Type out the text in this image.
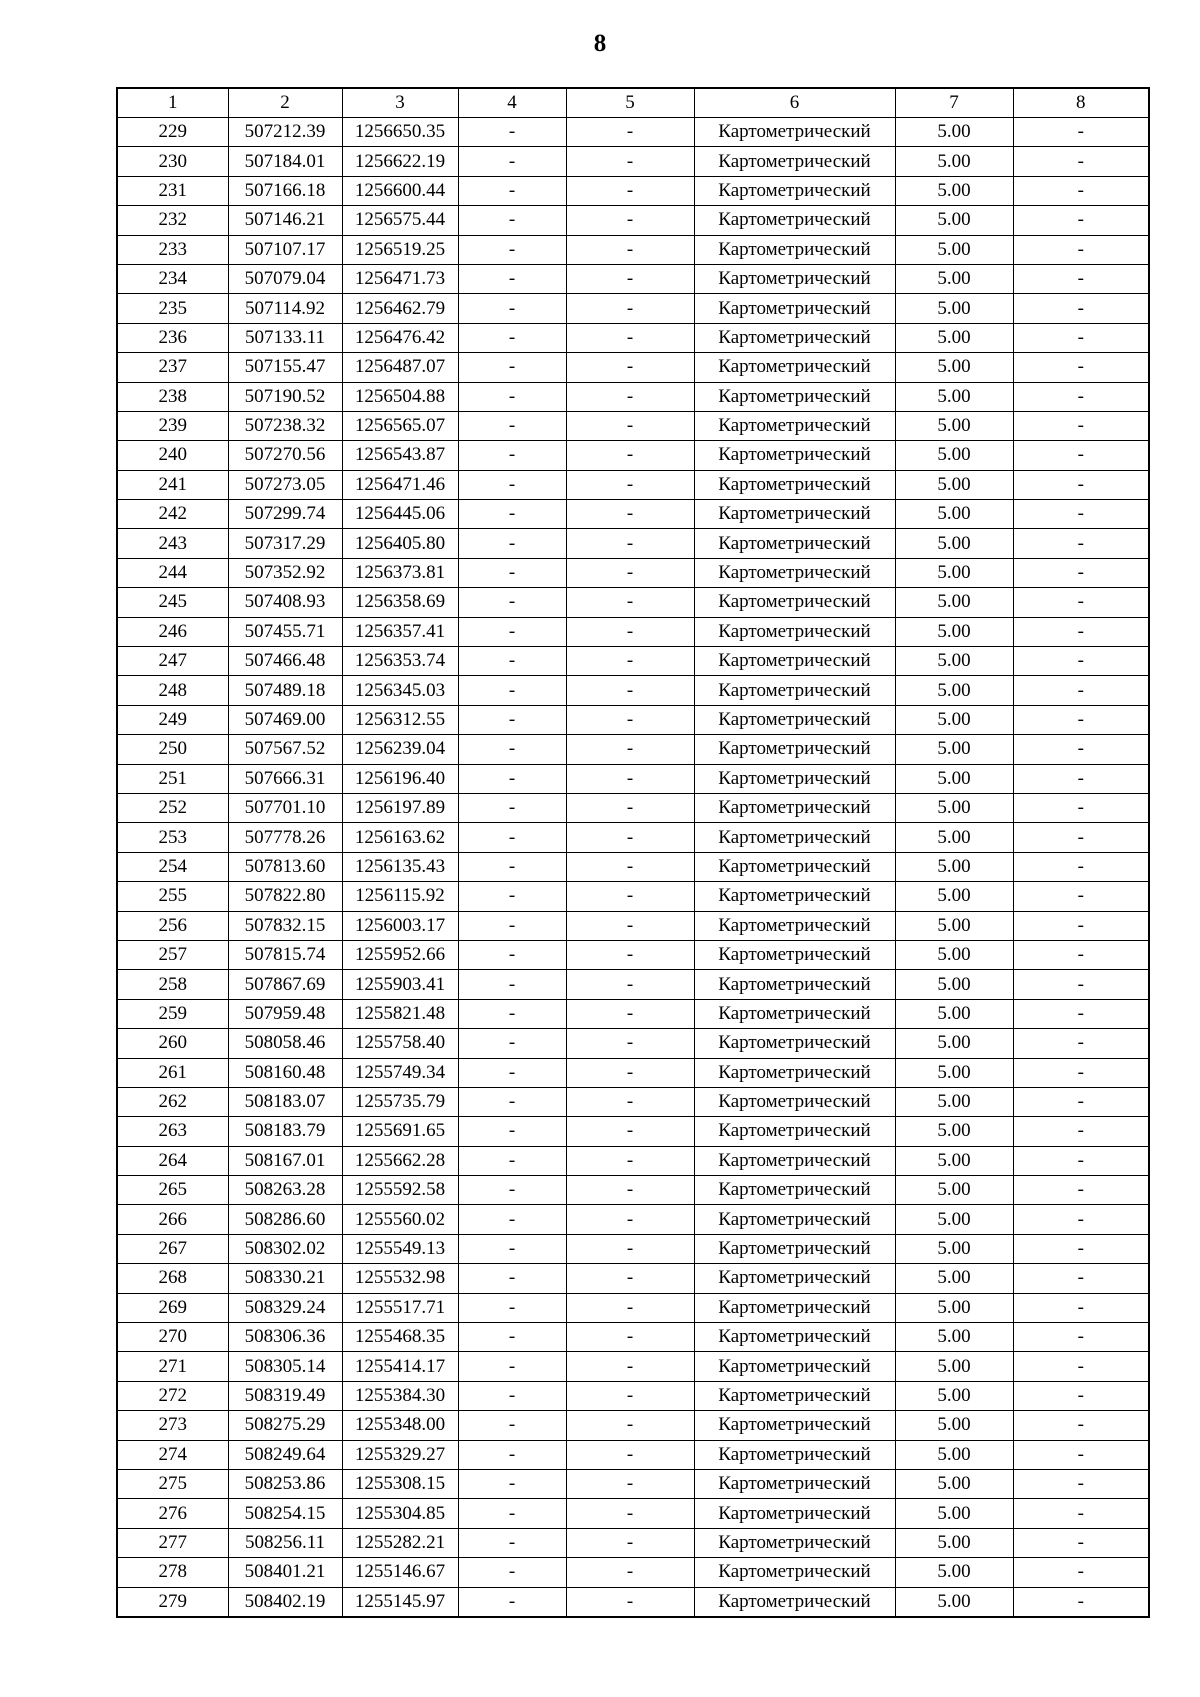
8
1	2	3	4	5	6	7	8
229	507212.39	1256650.35	-	-	Картометрический	5.00	-
230	507184.01	1256622.19	-	-	Картометрический	5.00	-
231	507166.18	1256600.44	-	-	Картометрический	5.00	-
232	507146.21	1256575.44	-	-	Картометрический	5.00	-
233	507107.17	1256519.25	-	-	Картометрический	5.00	-
234	507079.04	1256471.73	-	-	Картометрический	5.00	-
235	507114.92	1256462.79	-	-	Картометрический	5.00	-
236	507133.11	1256476.42	-	-	Картометрический	5.00	-
237	507155.47	1256487.07	-	-	Картометрический	5.00	-
238	507190.52	1256504.88	-	-	Картометрический	5.00	-
239	507238.32	1256565.07	-	-	Картометрический	5.00	-
240	507270.56	1256543.87	-	-	Картометрический	5.00	-
241	507273.05	1256471.46	-	-	Картометрический	5.00	-
242	507299.74	1256445.06	-	-	Картометрический	5.00	-
243	507317.29	1256405.80	-	-	Картометрический	5.00	-
244	507352.92	1256373.81	-	-	Картометрический	5.00	-
245	507408.93	1256358.69	-	-	Картометрический	5.00	-
246	507455.71	1256357.41	-	-	Картометрический	5.00	-
247	507466.48	1256353.74	-	-	Картометрический	5.00	-
248	507489.18	1256345.03	-	-	Картометрический	5.00	-
249	507469.00	1256312.55	-	-	Картометрический	5.00	-
250	507567.52	1256239.04	-	-	Картометрический	5.00	-
251	507666.31	1256196.40	-	-	Картометрический	5.00	-
252	507701.10	1256197.89	-	-	Картометрический	5.00	-
253	507778.26	1256163.62	-	-	Картометрический	5.00	-
254	507813.60	1256135.43	-	-	Картометрический	5.00	-
255	507822.80	1256115.92	-	-	Картометрический	5.00	-
256	507832.15	1256003.17	-	-	Картометрический	5.00	-
257	507815.74	1255952.66	-	-	Картометрический	5.00	-
258	507867.69	1255903.41	-	-	Картометрический	5.00	-
259	507959.48	1255821.48	-	-	Картометрический	5.00	-
260	508058.46	1255758.40	-	-	Картометрический	5.00	-
261	508160.48	1255749.34	-	-	Картометрический	5.00	-
262	508183.07	1255735.79	-	-	Картометрический	5.00	-
263	508183.79	1255691.65	-	-	Картометрический	5.00	-
264	508167.01	1255662.28	-	-	Картометрический	5.00	-
265	508263.28	1255592.58	-	-	Картометрический	5.00	-
266	508286.60	1255560.02	-	-	Картометрический	5.00	-
267	508302.02	1255549.13	-	-	Картометрический	5.00	-
268	508330.21	1255532.98	-	-	Картометрический	5.00	-
269	508329.24	1255517.71	-	-	Картометрический	5.00	-
270	508306.36	1255468.35	-	-	Картометрический	5.00	-
271	508305.14	1255414.17	-	-	Картометрический	5.00	-
272	508319.49	1255384.30	-	-	Картометрический	5.00	-
273	508275.29	1255348.00	-	-	Картометрический	5.00	-
274	508249.64	1255329.27	-	-	Картометрический	5.00	-
275	508253.86	1255308.15	-	-	Картометрический	5.00	-
276	508254.15	1255304.85	-	-	Картометрический	5.00	-
277	508256.11	1255282.21	-	-	Картометрический	5.00	-
278	508401.21	1255146.67	-	-	Картометрический	5.00	-
279	508402.19	1255145.97	-	-	Картометрический	5.00	-
